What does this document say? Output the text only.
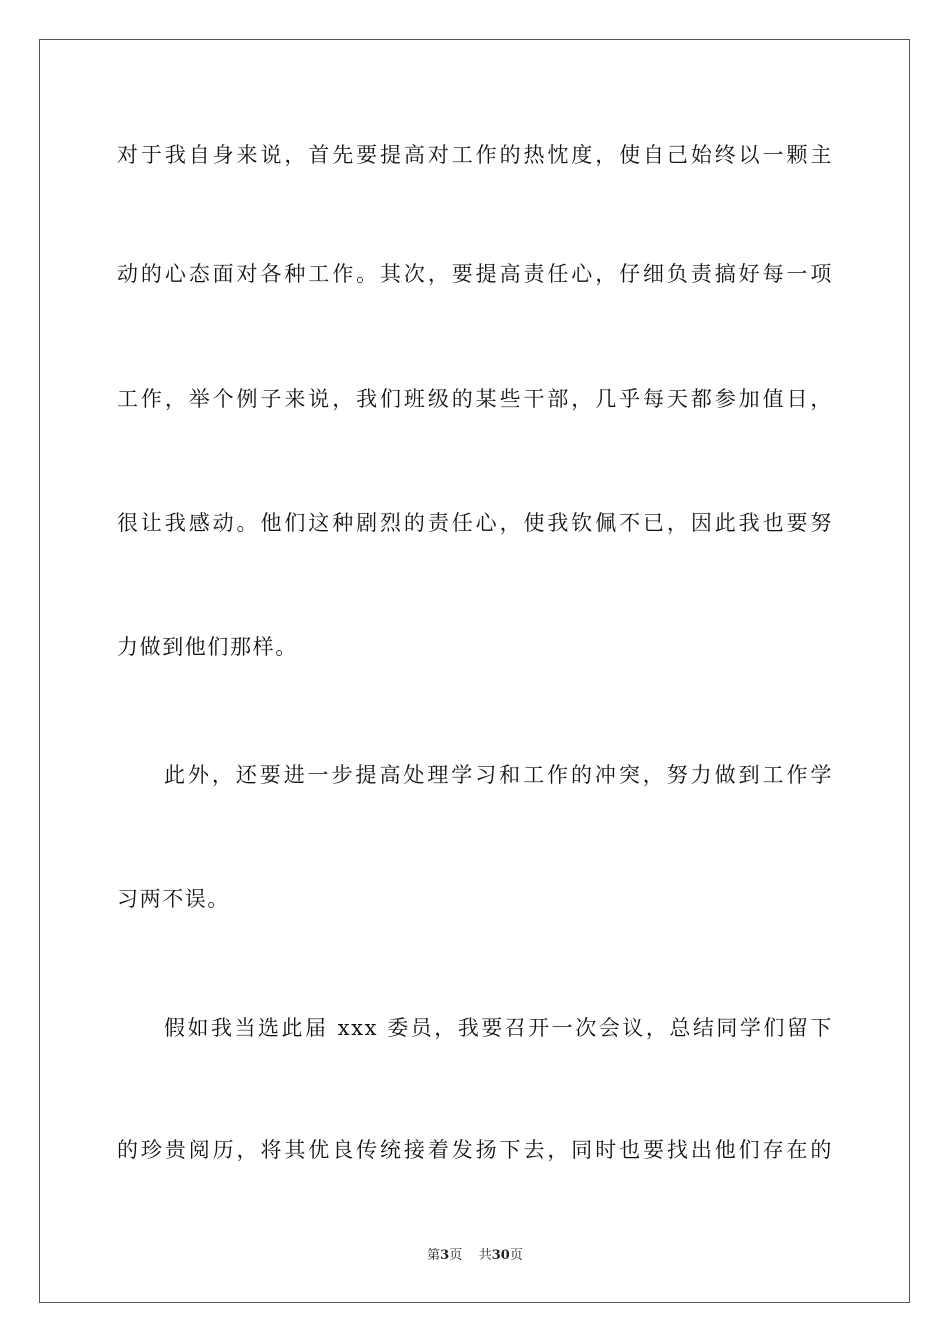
对于我自身来说，首先要提高对工作的热忱度，使自己始终以一颗主
动的心态面对各种工作。其次，要提高责任心，仔细负责搞好每一项
工作，举个例子来说，我们班级的某些干部，几乎每天都参加值日，
很让我感动。他们这种剧烈的责任心，使我钦佩不已，因此我也要努
力做到他们那样。
此外，还要进一步提高处理学习和工作的冲突，努力做到工作学
习两不误。
假如我当选此届 xxx 委员，我要召开一次会议，总结同学们留下
的珍贵阅历，将其优良传统接着发扬下去，同时也要找出他们存在的
第3页 共30页
